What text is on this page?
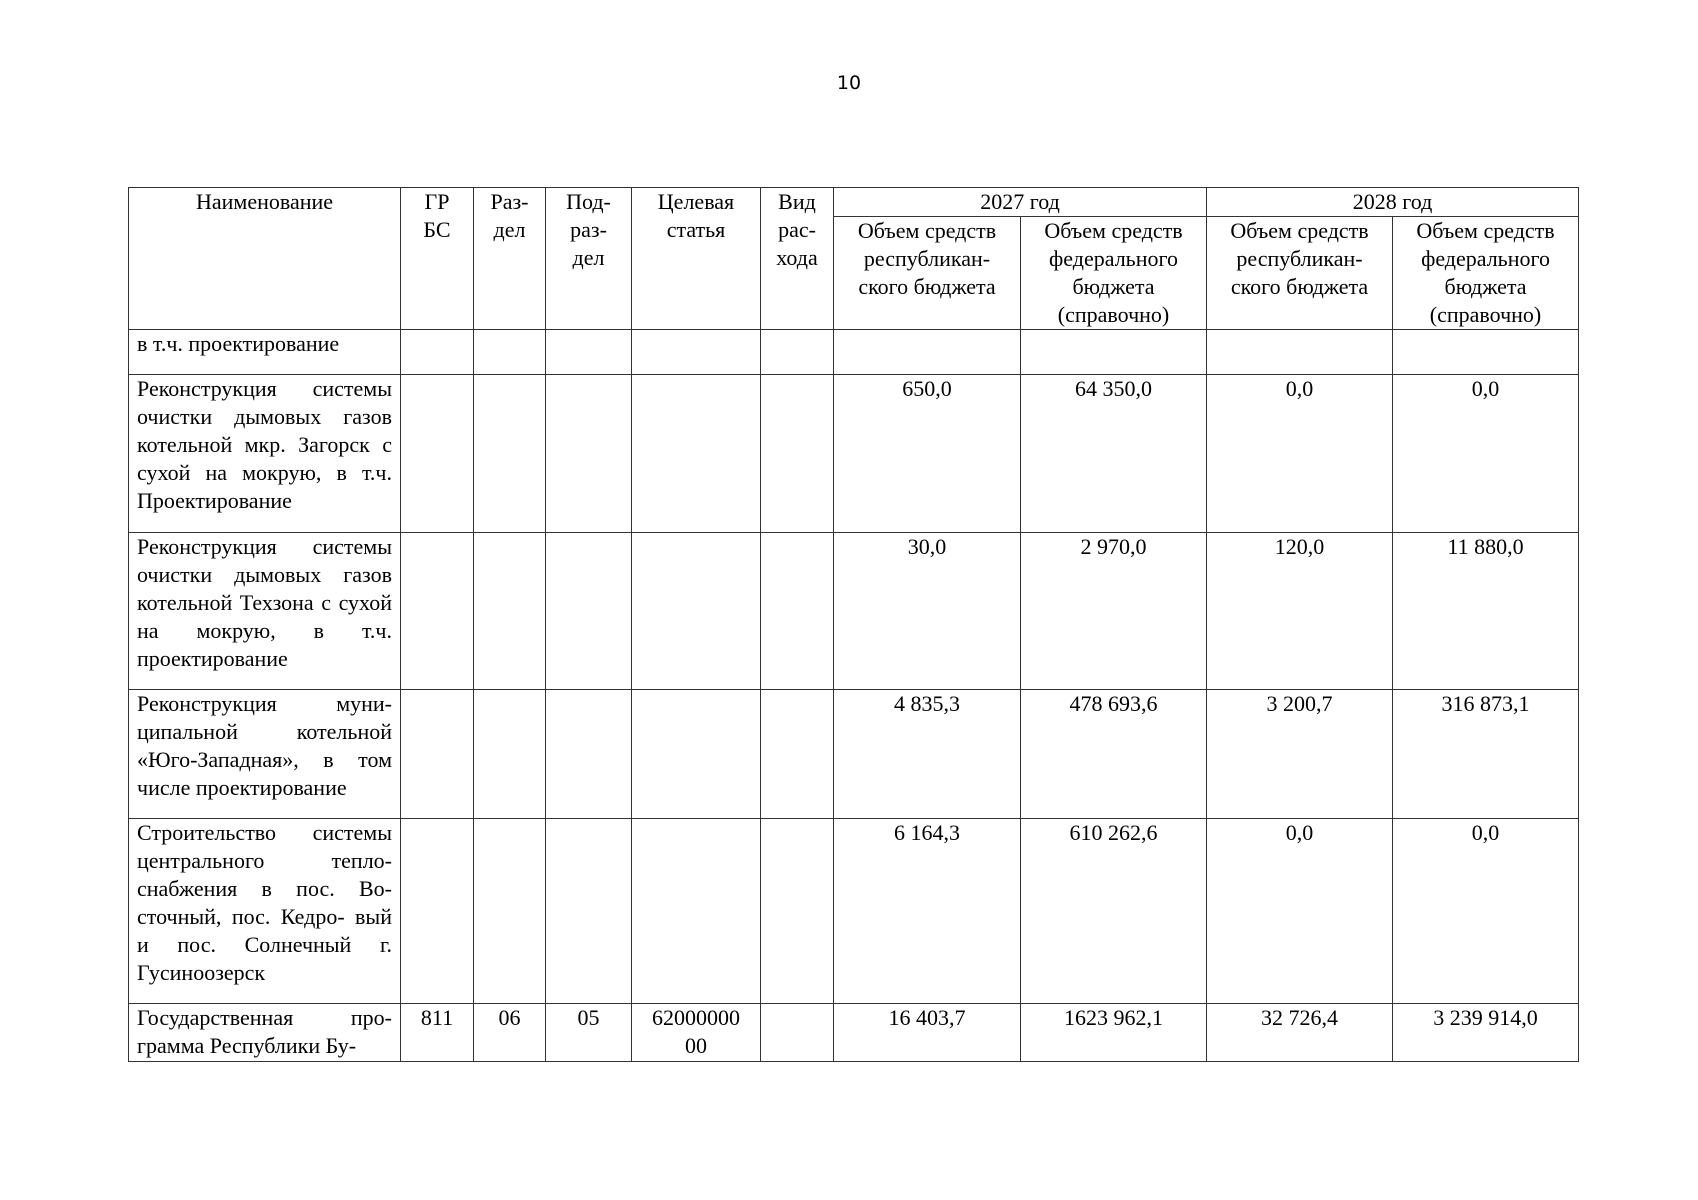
10
Наименование	ГР БС	Раз- дел	Под- раз- дел	Целевая статья	Вид рас- хода	2027 год		2028 год	
						Объем средств республикан- ского бюджета	Объем средств федерального бюджета (справочно)	Объем средств республикан- ского бюджета	Объем средств федерального бюджета (справочно)
в т.ч. проектирование									
Реконструкция системы очистки дымовых газов котельной мкр. Загорск с сухой на мокрую, в т.ч. Проектирование						650,0	64 350,0	0,0	0,0
Реконструкция системы очистки дымовых газов котельной Техзона с сухой на мокрую, в т.ч. проектирование						30,0	2 970,0	120,0	11 880,0
Реконструкция муни- ципальной котельной «Юго-Западная», в том числе проектирование						4 835,3	478 693,6	3 200,7	316 873,1
Строительство системы центрального тепло- снабжения в пос. Во- сточный, пос. Кедро- вый и пос. Солнечный г. Гусиноозерск						6 164,3	610 262,6	0,0	0,0
Государственная про- грамма Республики Бу-	811	06	05	62000000 00		16 403,7	1623 962,1	32 726,4	3 239 914,0
